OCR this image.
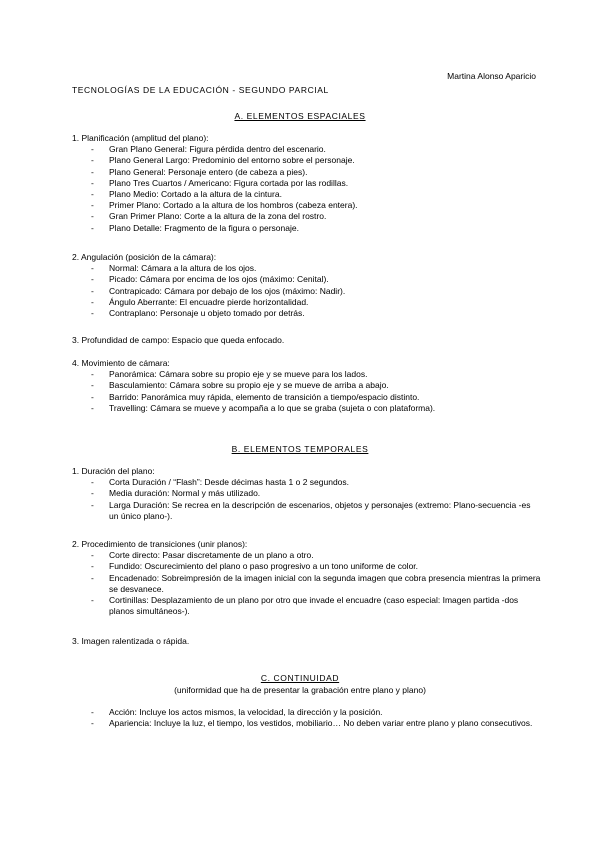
Martina Alonso Aparicio
TECNOLOGÍAS DE LA EDUCACIÓN - SEGUNDO PARCIAL
A. ELEMENTOS ESPACIALES

1. Planificación (amplitud del plano):

- Gran Plano General: Figura pérdida dentro del escenario.
- Plano General Largo: Predominio del entorno sobre el personaje.
- Plano General: Personaje entero (de cabeza a pies).
- Plano Tres Cuartos / Americano: Figura cortada por las rodillas.
- Plano Medio: Cortado a la altura de la cintura.
- Primer Plano: Cortado a la altura de los hombros (cabeza entera).
- Gran Primer Plano: Corte a la altura de la zona del rostro.
- Plano Detalle: Fragmento de la figura o personaje.

2. Angulación (posición de la cámara):

- Normal: Cámara a la altura de los ojos.
- Picado: Cámara por encima de los ojos (máximo: Cenital).
- Contrapicado: Cámara por debajo de los ojos (máximo: Nadir).
- Ángulo Aberrante: El encuadre pierde horizontalidad.
- Contraplano: Personaje u objeto tomado por detrás.

3. Profundidad de campo: Espacio que queda enfocado.

4. Movimiento de cámara:

- Panorámica: Cámara sobre su propio eje y se mueve para los lados.
- Basculamiento: Cámara sobre su propio eje y se mueve de arriba a abajo.
- Barrido: Panorámica muy rápida, elemento de transición a tiempo/espacio distinto.
- Travelling: Cámara se mueve y acompaña a lo que se graba (sujeta o con plataforma).
B. ELEMENTOS TEMPORALES

1. Duración del plano:

- Corta Duración / “Flash”: Desde décimas hasta 1 o 2 segundos.
- Media duración: Normal y más utilizado.
- Larga Duración: Se recrea en la descripción de escenarios, objetos y personajes (extremo: Plano-secuencia -es un único plano-).

2. Procedimiento de transiciones (unir planos):

- Corte directo: Pasar discretamente de un plano a otro.
- Fundido: Oscurecimiento del plano o paso progresivo a un tono uniforme de color.
- Encadenado: Sobreimpresión de la imagen inicial con la segunda imagen que cobra presencia mientras la primera se desvanece.
- Cortinillas: Desplazamiento de un plano por otro que invade el encuadre (caso especial: Imagen partida -dos planos simultáneos-).

3. Imagen ralentizada o rápida.

C. CONTINUIDAD
(uniformidad que ha de presentar la grabación entre plano y plano)
- Acción: Incluye los actos mismos, la velocidad, la dirección y la posición.
- Apariencia: Incluye la luz, el tiempo, los vestidos, mobiliario… No deben variar entre plano y plano consecutivos.
